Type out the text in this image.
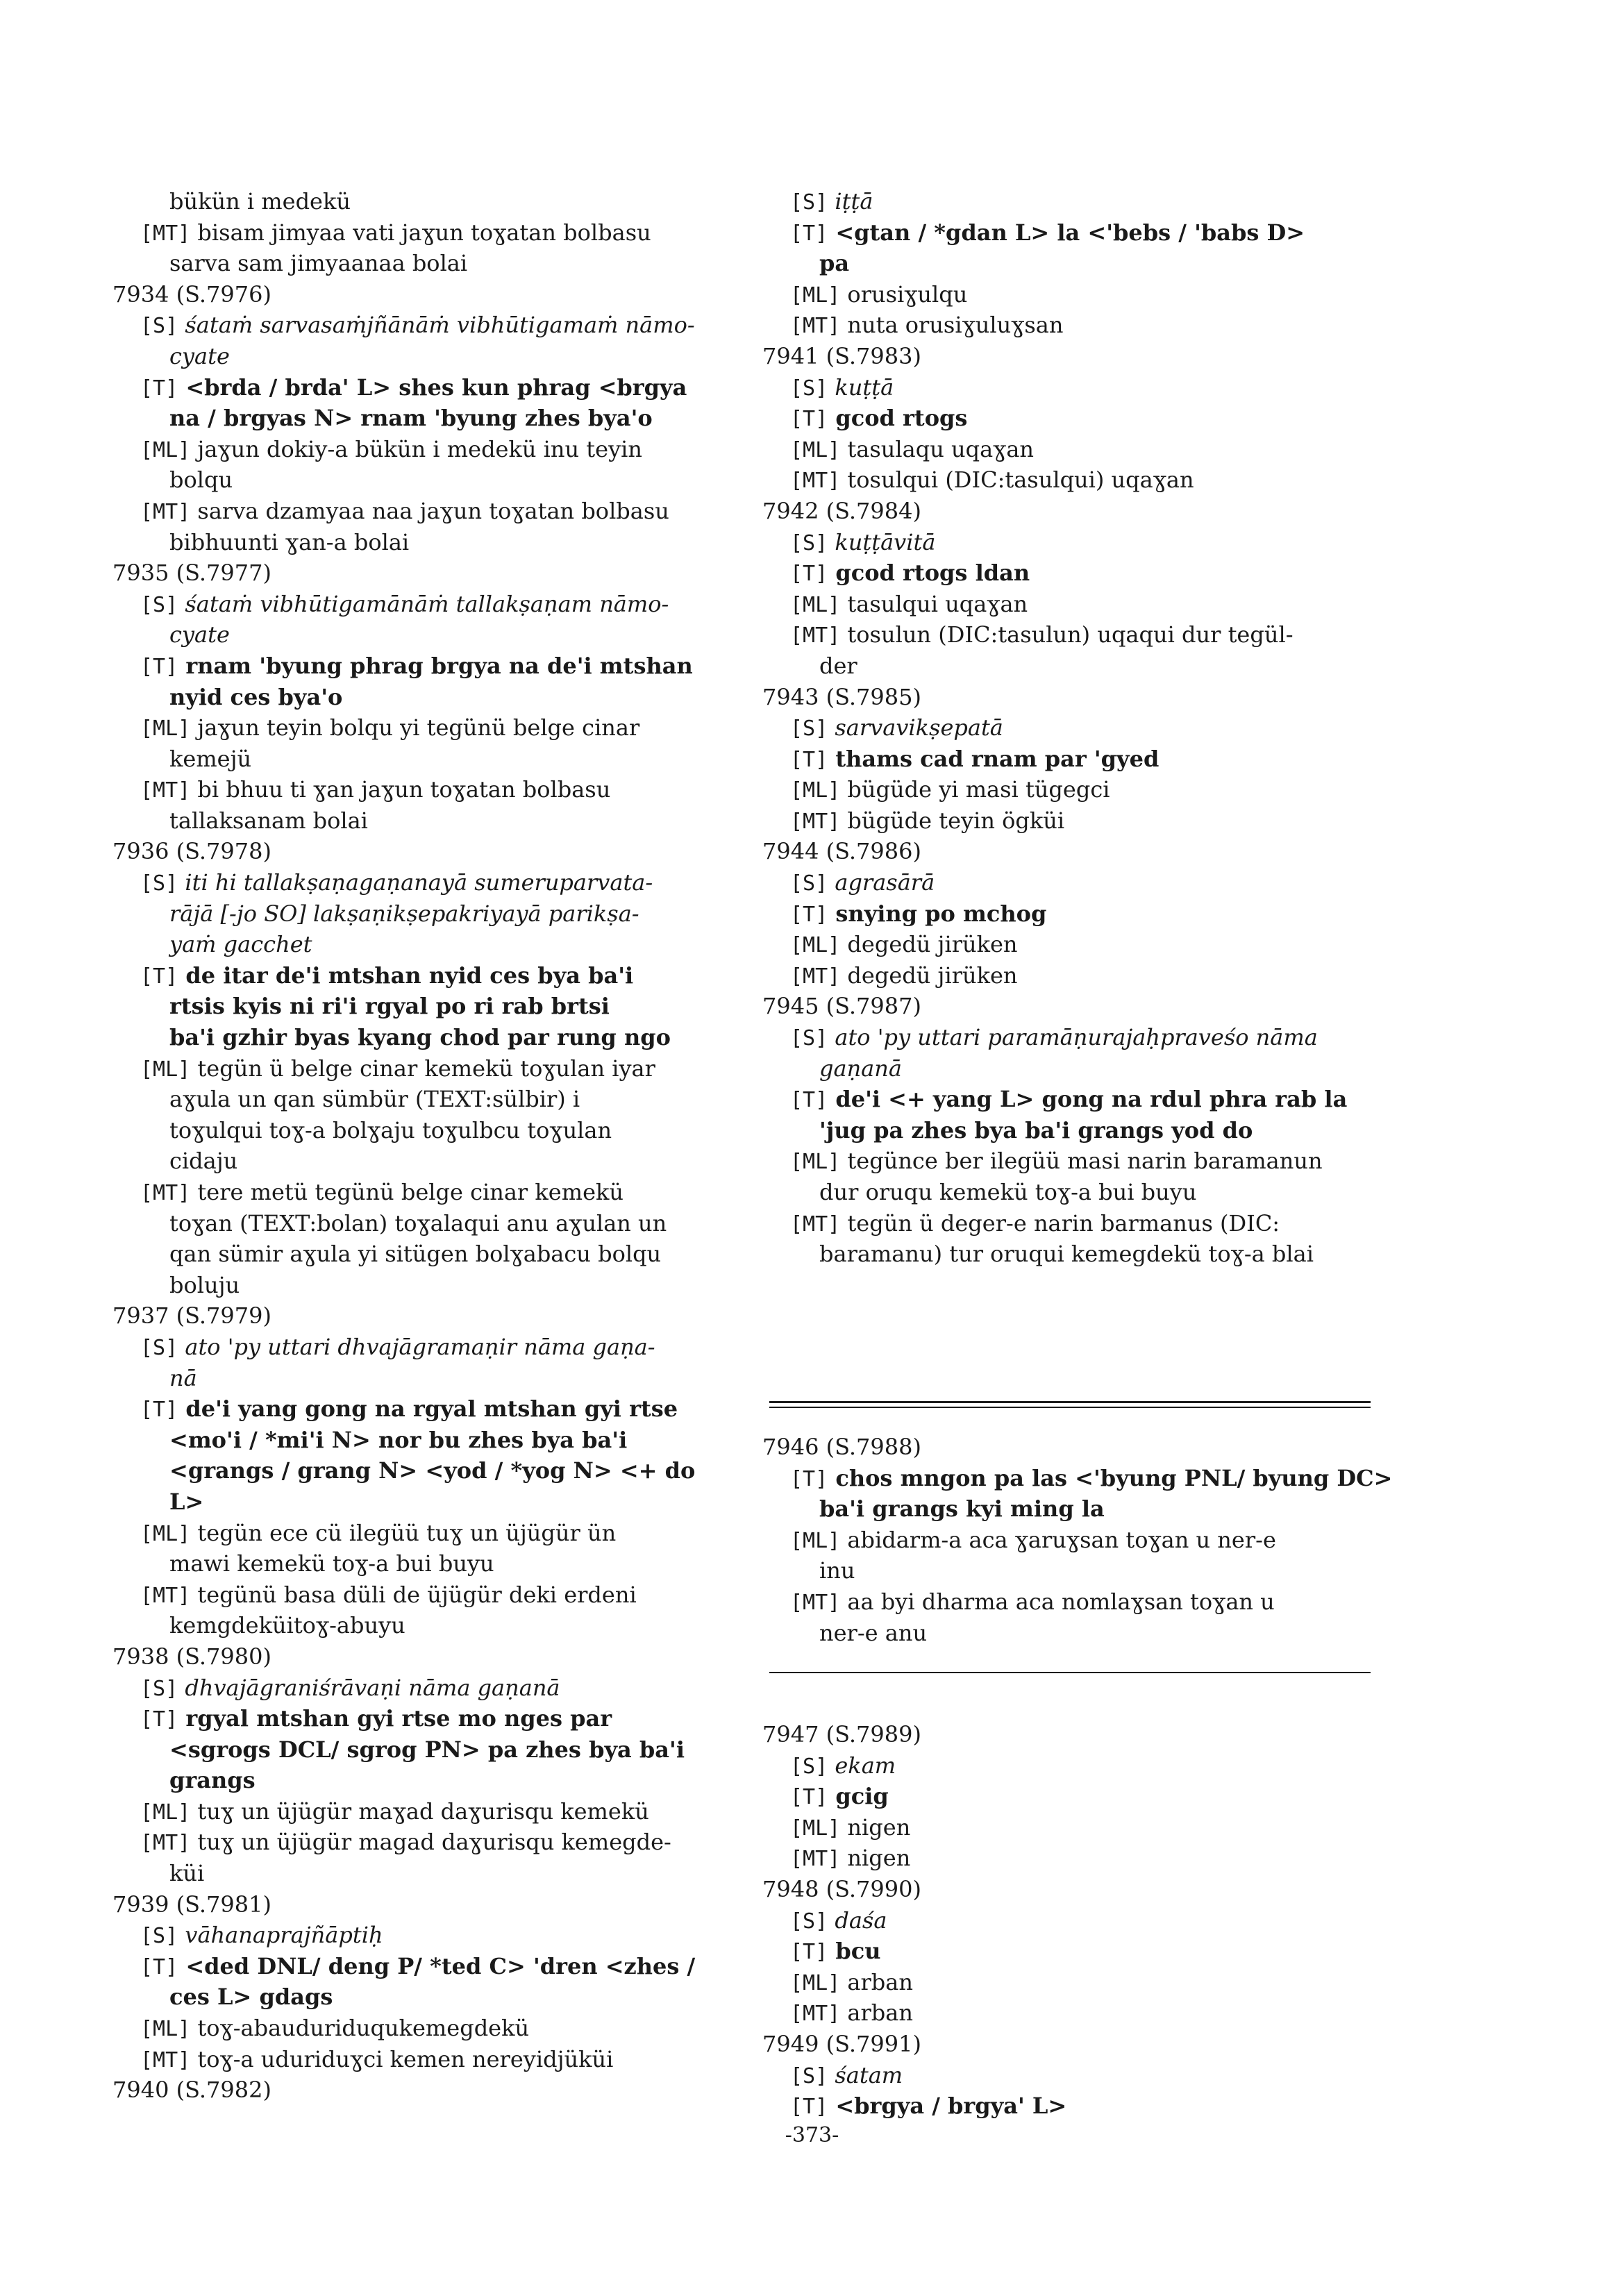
bükün i medekü
[MT] bisam jimyaa vati jaɣun toɣatan bolbasu
sarva sam jimyaanaa bolai
7934 (S.7976)
[S] śataṁ sarvasaṁjñānāṁ vibhūtigamaṁ nāmo-
cyate
[T] <brda / brda' L> shes kun phrag <brgya
na / brgyas N> rnam 'byung zhes bya'o
[ML] jaɣun dokiy-a bükün i medekü inu teyin
bolqu
[MT] sarva dzamyaa naa jaɣun toɣatan bolbasu
bibhuunti ɣan-a bolai
7935 (S.7977)
[S] śataṁ vibhūtigamānāṁ tallakṣaṇam nāmo-
cyate
[T] rnam 'byung phrag brgya na de'i mtshan
nyid ces bya'o
[ML] jaɣun teyin bolqu yi tegünü belge cinar
kemejü
[MT] bi bhuu ti ɣan jaɣun toɣatan bolbasu
tallaksanam bolai
7936 (S.7978)
[S] iti hi tallakṣaṇagaṇanayā sumeruparvata-
rājā [-jo SO] lakṣaṇikṣepakriyayā parikṣa-
yaṁ gacchet
[T] de itar de'i mtshan nyid ces bya ba'i
rtsis kyis ni ri'i rgyal po ri rab brtsi
ba'i gzhir byas kyang chod par rung ngo
[ML] tegün ü belge cinar kemekü toɣulan iyar
aɣula un qan sümbür (TEXT:sülbir) i
toɣulqui toɣ-a bolɣaju toɣulbcu toɣulan
cidaju
[MT] tere metü tegünü belge cinar kemekü
toɣan (TEXT:bolan) toɣalaqui anu aɣulan un
qan sümir aɣula yi sitügen bolɣabacu bolqu
boluju
7937 (S.7979)
[S] ato 'py uttari dhvajāgramaṇir nāma gaṇa-
nā
[T] de'i yang gong na rgyal mtshan gyi rtse
<mo'i / *mi'i N> nor bu zhes bya ba'i
<grangs / grang N> <yod / *yog N> <+ do
L>
[ML] tegün ece cü ilegüü tuɣ un üjügür ün
mawi kemekü toɣ-a bui buyu
[MT] tegünü basa düli de üjügür deki erdeni
kemgdeküitoɣ-abuyu
7938 (S.7980)
[S] dhvajāgraniśrāvaṇi nāma gaṇanā
[T] rgyal mtshan gyi rtse mo nges par
<sgrogs DCL/ sgrog PN> pa zhes bya ba'i
grangs
[ML] tuɣ un üjügür maɣad daɣurisqu kemekü
[MT] tuɣ un üjügür magad daɣurisqu kemegde-
küi
7939 (S.7981)
[S] vāhanaprajñāptiḥ
[T] <ded DNL/ deng P/ *ted C> 'dren <zhes /
ces L> gdags
[ML] toɣ-abauduriduqukemegdekü
[MT] toɣ-a uduriduɣci kemen nereyidjüküi
7940 (S.7982)
[S] iṭṭā
[T] <gtan / *gdan L> la <'bebs / 'babs D>
pa
[ML] orusiɣulqu
[MT] nuta orusiɣuluɣsan
7941 (S.7983)
[S] kuṭṭā
[T] gcod rtogs
[ML] tasulaqu uqaɣan
[MT] tosulqui (DIC:tasulqui) uqaɣan
7942 (S.7984)
[S] kuṭṭāvitā
[T] gcod rtogs ldan
[ML] tasulqui uqaɣan
[MT] tosulun (DIC:tasulun) uqaqui dur tegül-
der
7943 (S.7985)
[S] sarvavikṣepatā
[T] thams cad rnam par 'gyed
[ML] bügüde yi masi tügegci
[MT] bügüde teyin ögküi
7944 (S.7986)
[S] agrasārā
[T] snying po mchog
[ML] degedü jirüken
[MT] degedü jirüken
7945 (S.7987)
[S] ato 'py uttari paramāṇurajaḥpraveśo nāma
gaṇanā
[T] de'i <+ yang L> gong na rdul phra rab la
'jug pa zhes bya ba'i grangs yod do
[ML] tegünce ber ilegüü masi narin baramanun
dur oruqu kemekü toɣ-a bui buyu
[MT] tegün ü deger-e narin barmanus (DIC:
baramanu) tur oruqui kemegdekü toɣ-a blai
7946 (S.7988)
[T] chos mngon pa las <'byung PNL/ byung DC>
ba'i grangs kyi ming la
[ML] abidarm-a aca ɣaruɣsan toɣan u ner-e
inu
[MT] aa byi dharma aca nomlaɣsan toɣan u
ner-e anu
7947 (S.7989)
[S] ekam
[T] gcig
[ML] nigen
[MT] nigen
7948 (S.7990)
[S] daśa
[T] bcu
[ML] arban
[MT] arban
7949 (S.7991)
[S] śatam
[T] <brgya / brgya' L>
-373-
